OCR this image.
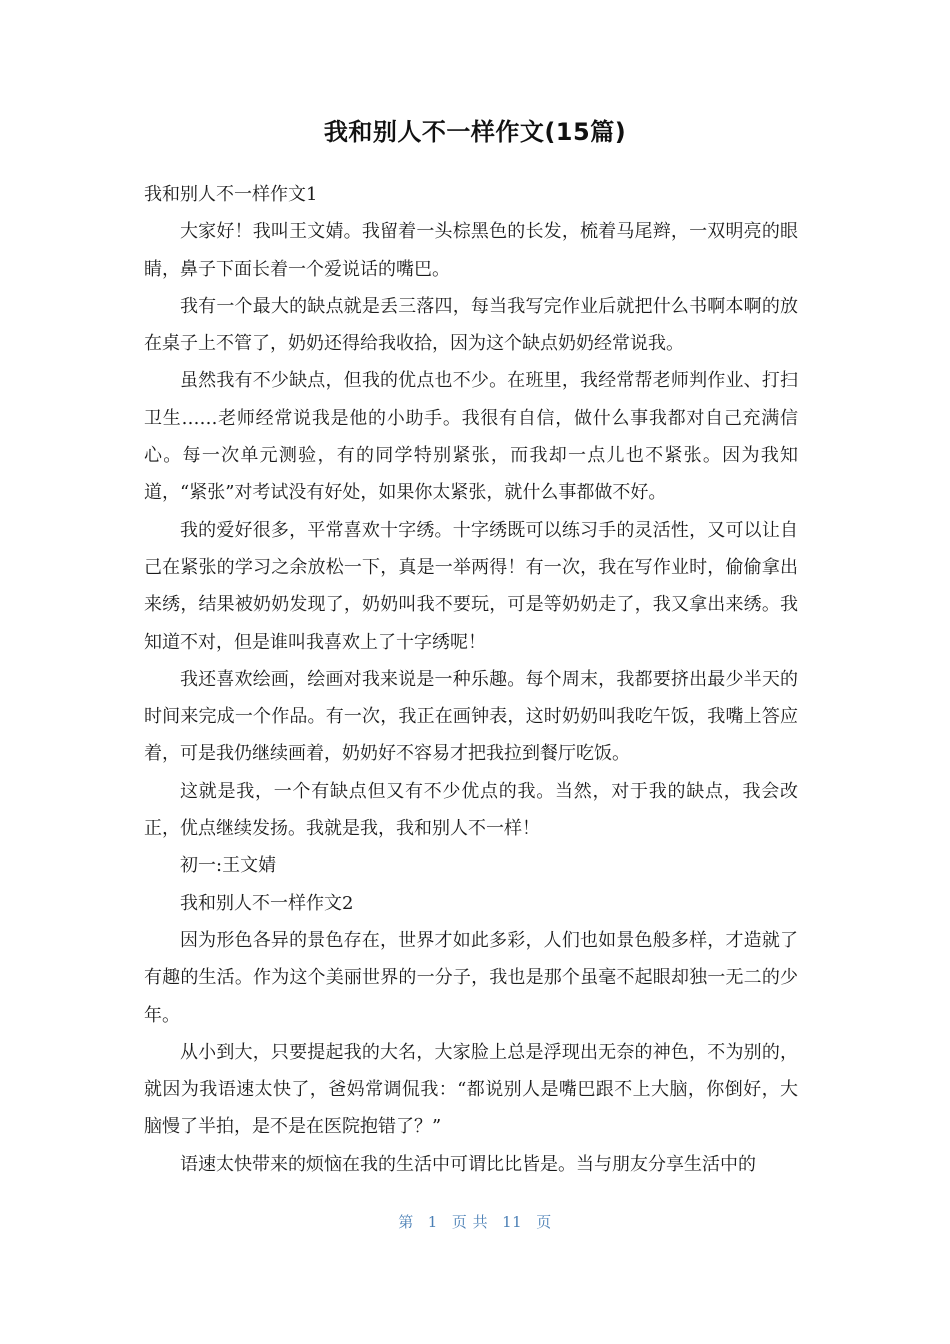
我和别人不一样作文(15篇)

我和别人不一样作文1

大家好！我叫王文婧。我留着一头棕黑色的长发，梳着马尾辫，一双明亮的眼睛，鼻子下面长着一个爱说话的嘴巴。

我有一个最大的缺点就是丢三落四，每当我写完作业后就把什么书啊本啊的放在桌子上不管了，奶奶还得给我收拾，因为这个缺点奶奶经常说我。

虽然我有不少缺点，但我的优点也不少。在班里，我经常帮老师判作业、打扫卫生……老师经常说我是他的小助手。我很有自信，做什么事我都对自己充满信心。每一次单元测验，有的同学特别紧张，而我却一点儿也不紧张。因为我知道，“紧张”对考试没有好处，如果你太紧张，就什么事都做不好。

我的爱好很多，平常喜欢十字绣。十字绣既可以练习手的灵活性，又可以让自己在紧张的学习之余放松一下，真是一举两得！有一次，我在写作业时，偷偷拿出来绣，结果被奶奶发现了，奶奶叫我不要玩，可是等奶奶走了，我又拿出来绣。我知道不对，但是谁叫我喜欢上了十字绣呢！

我还喜欢绘画，绘画对我来说是一种乐趣。每个周末，我都要挤出最少半天的时间来完成一个作品。有一次，我正在画钟表，这时奶奶叫我吃午饭，我嘴上答应着，可是我仍继续画着，奶奶好不容易才把我拉到餐厅吃饭。

这就是我，一个有缺点但又有不少优点的我。当然，对于我的缺点，我会改正，优点继续发扬。我就是我，我和别人不一样！

初一:王文婧

我和别人不一样作文2

因为形色各异的景色存在，世界才如此多彩，人们也如景色般多样，才造就了有趣的生活。作为这个美丽世界的一分子，我也是那个虽毫不起眼却独一无二的少年。

从小到大，只要提起我的大名，大家脸上总是浮现出无奈的神色，不为别的，就因为我语速太快了，爸妈常调侃我：“都说别人是嘴巴跟不上大脑，你倒好，大脑慢了半拍，是不是在医院抱错了？”

语速太快带来的烦恼在我的生活中可谓比比皆是。当与朋友分享生活中的

第 1 页 共 11 页
